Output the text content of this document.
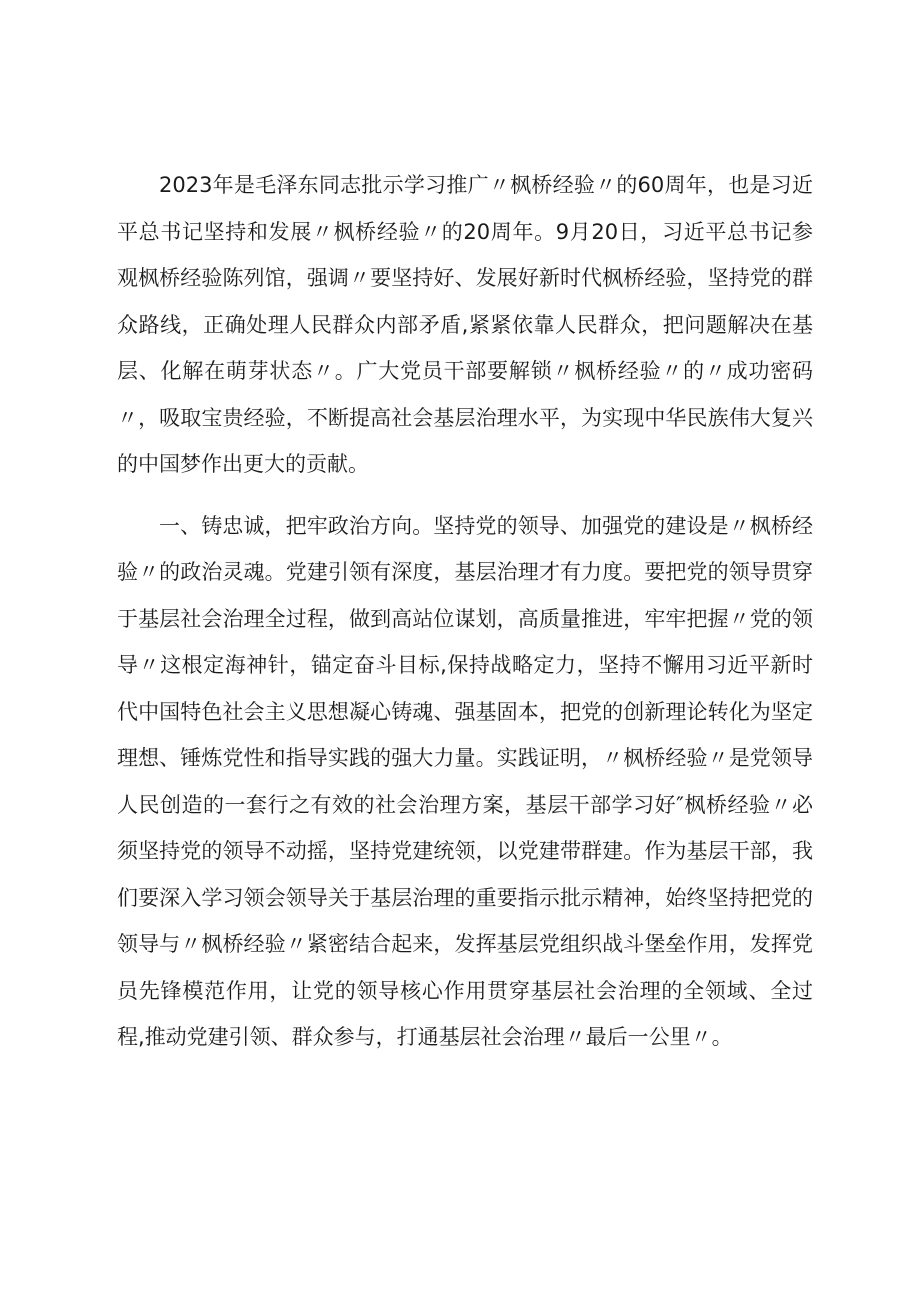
2023年是毛泽东同志批示学习推广〃枫桥经验〃的60周年，也是习近平总书记坚持和发展〃枫桥经验〃的20周年。9月20日，习近平总书记参观枫桥经验陈列馆，强调〃要坚持好、发展好新时代枫桥经验，坚持党的群众路线，正确处理人民群众内部矛盾,紧紧依靠人民群众，把问题解决在基层、化解在萌芽状态〃。广大党员干部要解锁〃枫桥经验〃的〃成功密码〃，吸取宝贵经验，不断提高社会基层治理水平，为实现中华民族伟大复兴的中国梦作出更大的贡献。

一、铸忠诚，把牢政治方向。坚持党的领导、加强党的建设是〃枫桥经验〃的政治灵魂。党建引领有深度，基层治理才有力度。要把党的领导贯穿于基层社会治理全过程，做到高站位谋划，高质量推进，牢牢把握〃党的领导〃这根定海神针，锚定奋斗目标,保持战略定力，坚持不懈用习近平新时代中国特色社会主义思想凝心铸魂、强基固本，把党的创新理论转化为坚定理想、锤炼党性和指导实践的强大力量。实践证明，〃枫桥经验〃是党领导人民创造的一套行之有效的社会治理方案，基层干部学习好″枫桥经验〃必须坚持党的领导不动摇，坚持党建统领，以党建带群建。作为基层干部，我们要深入学习领会领导关于基层治理的重要指示批示精神，始终坚持把党的领导与〃枫桥经验〃紧密结合起来，发挥基层党组织战斗堡垒作用，发挥党员先锋模范作用，让党的领导核心作用贯穿基层社会治理的全领域、全过程,推动党建引领、群众参与，打通基层社会治理〃最后一公里〃。
